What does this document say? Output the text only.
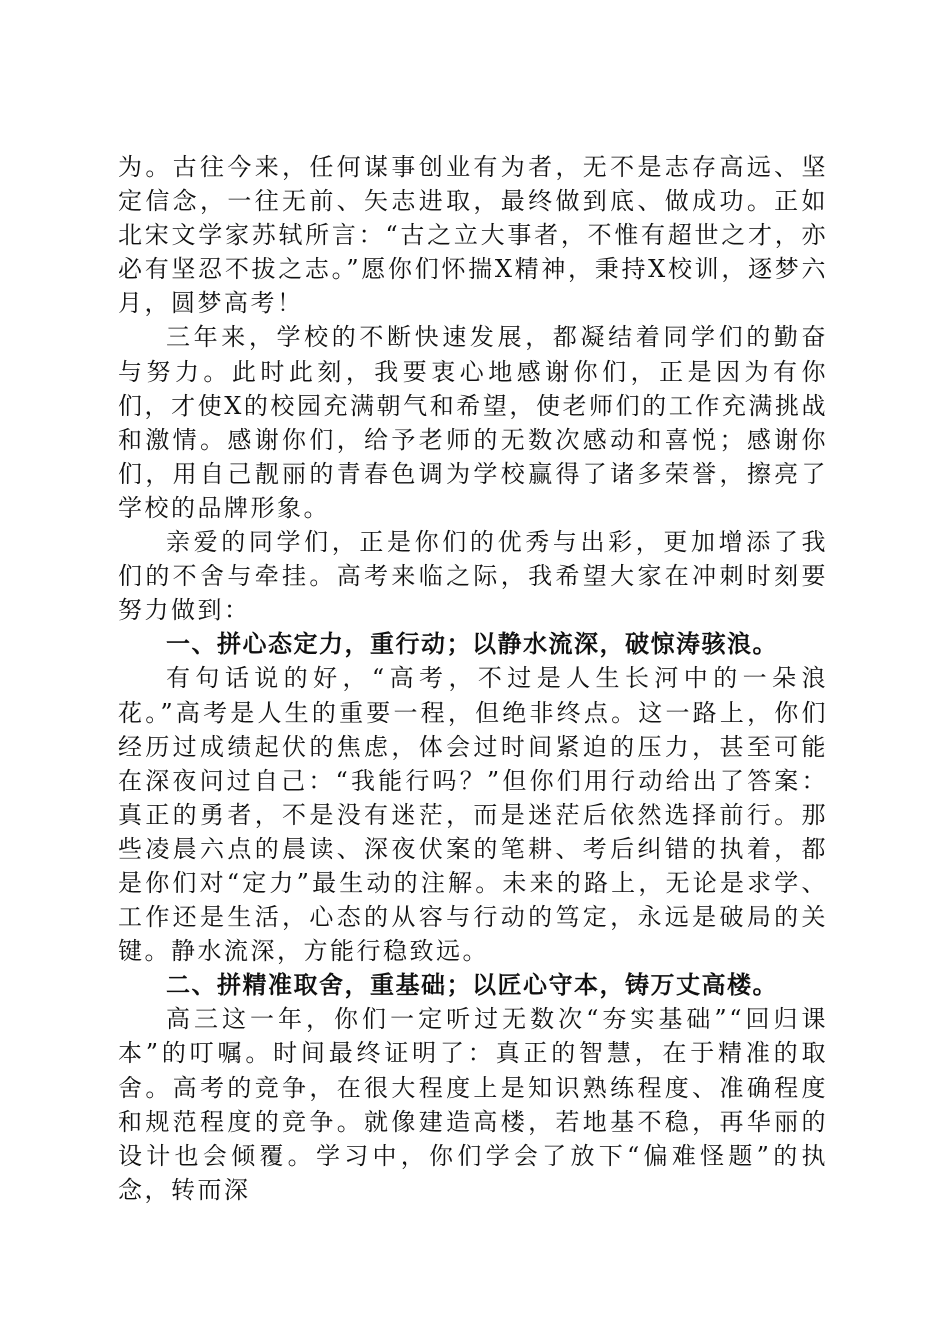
为。古往今来，任何谋事创业有为者，无不是志存高远、坚定信念，一往无前、矢志进取，最终做到底、做成功。正如北宋文学家苏轼所言：“古之立大事者，不惟有超世之才，亦必有坚忍不拔之志。”愿你们怀揣X精神，秉持X校训，逐梦六月，圆梦高考！

三年来，学校的不断快速发展，都凝结着同学们的勤奋与努力。此时此刻，我要衷心地感谢你们，正是因为有你们，才使X的校园充满朝气和希望，使老师们的工作充满挑战和激情。感谢你们，给予老师的无数次感动和喜悦；感谢你们，用自己靓丽的青春色调为学校赢得了诸多荣誉，擦亮了学校的品牌形象。

亲爱的同学们，正是你们的优秀与出彩，更加增添了我们的不舍与牵挂。高考来临之际，我希望大家在冲刺时刻要努力做到：

一、拼心态定力，重行动；以静水流深，破惊涛骇浪。

有句话说的好，“高考，不过是人生长河中的一朵浪花。”高考是人生的重要一程，但绝非终点。这一路上，你们经历过成绩起伏的焦虑，体会过时间紧迫的压力，甚至可能在深夜问过自己：“我能行吗？”但你们用行动给出了答案：真正的勇者，不是没有迷茫，而是迷茫后依然选择前行。那些凌晨六点的晨读、深夜伏案的笔耕、考后纠错的执着，都是你们对“定力”最生动的注解。未来的路上，无论是求学、工作还是生活，心态的从容与行动的笃定，永远是破局的关键。静水流深，方能行稳致远。

二、拼精准取舍，重基础；以匠心守本，铸万丈高楼。

高三这一年，你们一定听过无数次“夯实基础”“回归课本”的叮嘱。时间最终证明了：真正的智慧，在于精准的取舍。高考的竞争，在很大程度上是知识熟练程度、准确程度和规范程度的竞争。就像建造高楼，若地基不稳，再华丽的设计也会倾覆。学习中，你们学会了放下“偏难怪题”的执念，转而深
